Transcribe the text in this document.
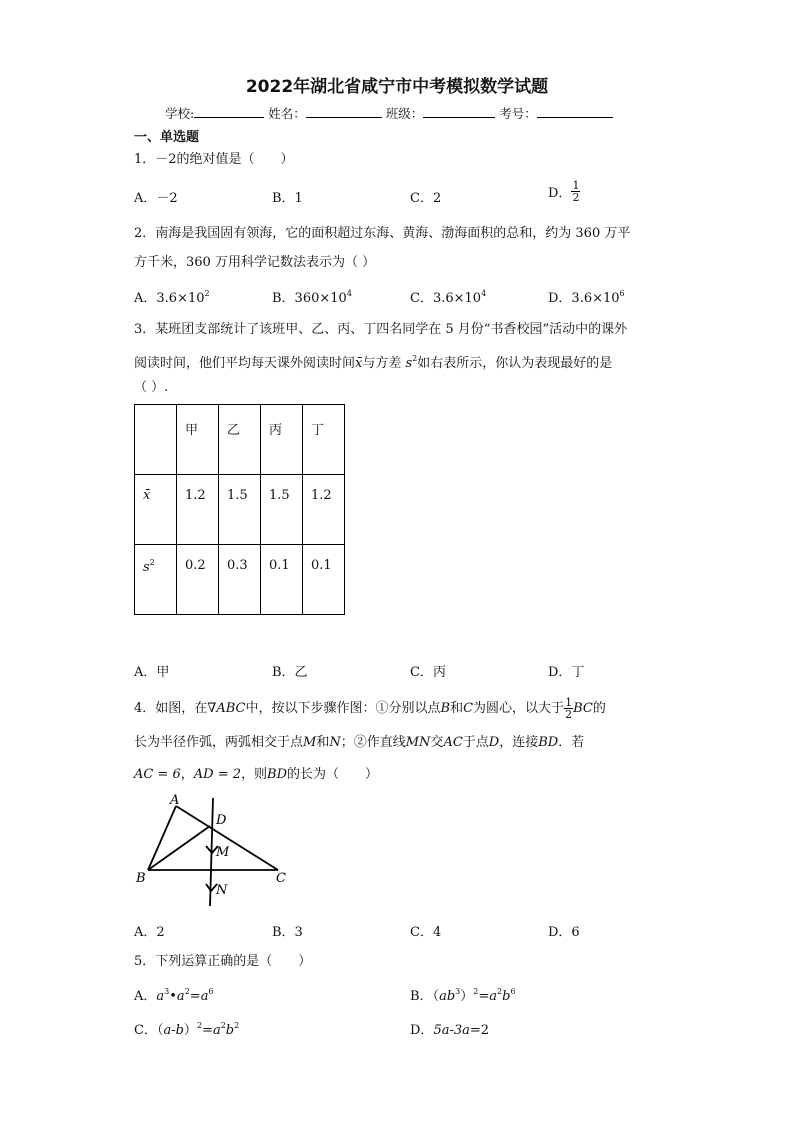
2022年湖北省咸宁市中考模拟数学试题
学校:	姓名：	班级：	考号：
一、单选题
1．－2的绝对值是（　　）
A．－2	B．1	C．2	D． $\frac{1}{2}$
2．南海是我国固有领海，它的面积超过东海、黄海、渤海面积的总和，约为 360 万平
方千米，360 万用科学记数法表示为（ ）
A．$3.6\times 10^2$	B．$360\times 10^4$	C．$3.6\times 10^4$	D．$3.6\times 10^6$
3．某班团支部统计了该班甲、乙、丙、丁四名同学在 5 月份“书香校园”活动中的课外
阅读时间，他们平均每天课外阅读时间x̄与方差 $s^2$如右表所示，你认为表现最好的是
（ ）.
	甲	乙	丙	丁
x̄	1.2	1.5	1.5	1.2
$s^2$	0.2	0.3	0.1	0.1
A．甲	B．乙	C．丙	D．丁
4．如图，在∇ABC中，按以下步骤作图：①分别以点B和C为圆心，以大于 $\frac{1}{2}$ BC的
长为半径作弧，两弧相交于点M和N；②作直线MN交AC于点D，连接BD．若
AC = 6，AD = 2，则BD的长为（　　）
A
B	C
D
M
N
A．2	B．3	C．4	D．6
5．下列运算正确的是（　　）
A．$a^3•a^2=a^6$	B．$(ab^3)^2=a^2b^6$
C．$(a-b)^2=a^2b^2$	D．5a-3a=2
